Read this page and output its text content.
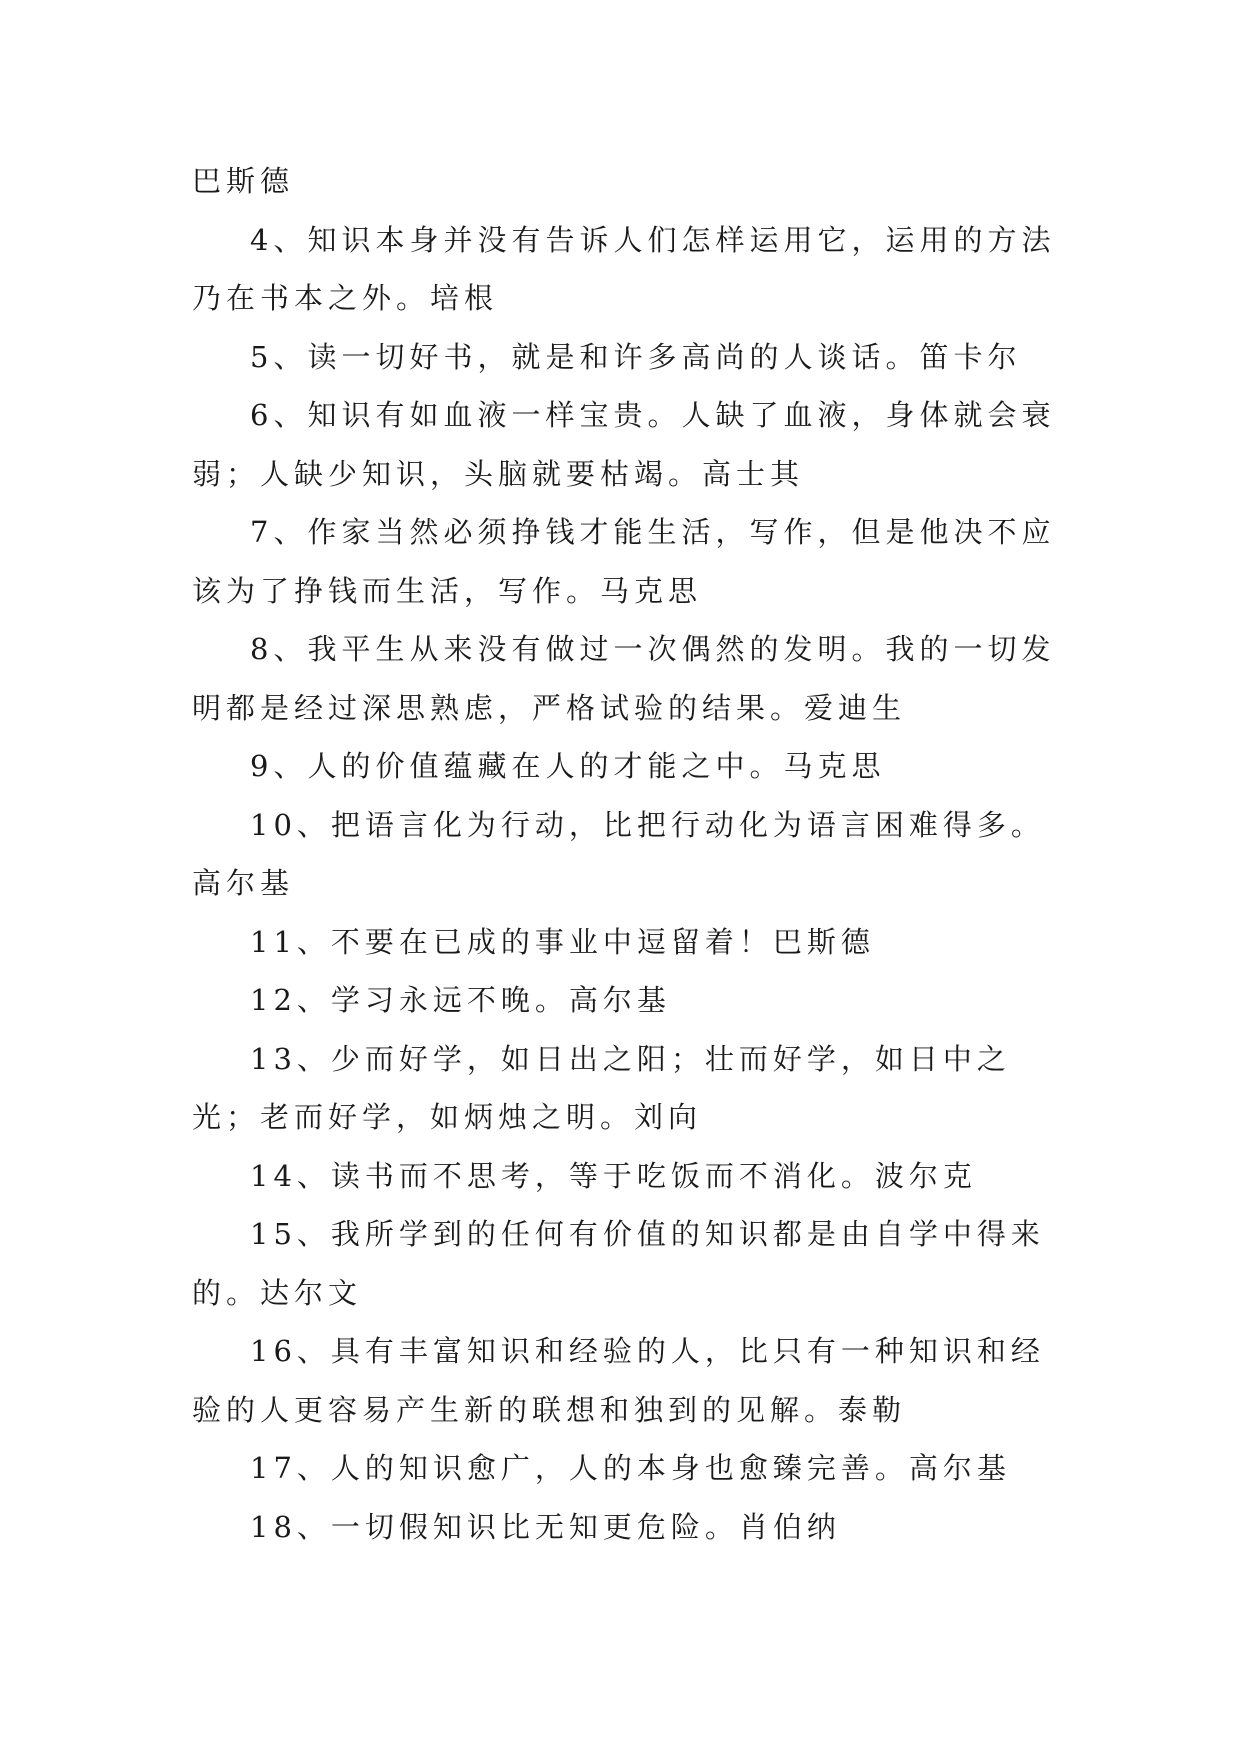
巴斯德

4、知识本身并没有告诉人们怎样运用它，运用的方法乃在书本之外。培根

5、读一切好书，就是和许多高尚的人谈话。笛卡尔

6、知识有如血液一样宝贵。人缺了血液，身体就会衰弱；人缺少知识，头脑就要枯竭。高士其

7、作家当然必须挣钱才能生活，写作，但是他决不应该为了挣钱而生活，写作。马克思

8、我平生从来没有做过一次偶然的发明。我的一切发明都是经过深思熟虑，严格试验的结果。爱迪生

9、人的价值蕴藏在人的才能之中。马克思

10、把语言化为行动，比把行动化为语言困难得多。高尔基

11、不要在已成的事业中逗留着！巴斯德

12、学习永远不晚。高尔基

13、少而好学，如日出之阳；壮而好学，如日中之光；老而好学，如炳烛之明。刘向

14、读书而不思考，等于吃饭而不消化。波尔克

15、我所学到的任何有价值的知识都是由自学中得来的。达尔文

16、具有丰富知识和经验的人，比只有一种知识和经验的人更容易产生新的联想和独到的见解。泰勒

17、人的知识愈广，人的本身也愈臻完善。高尔基

18、一切假知识比无知更危险。肖伯纳
